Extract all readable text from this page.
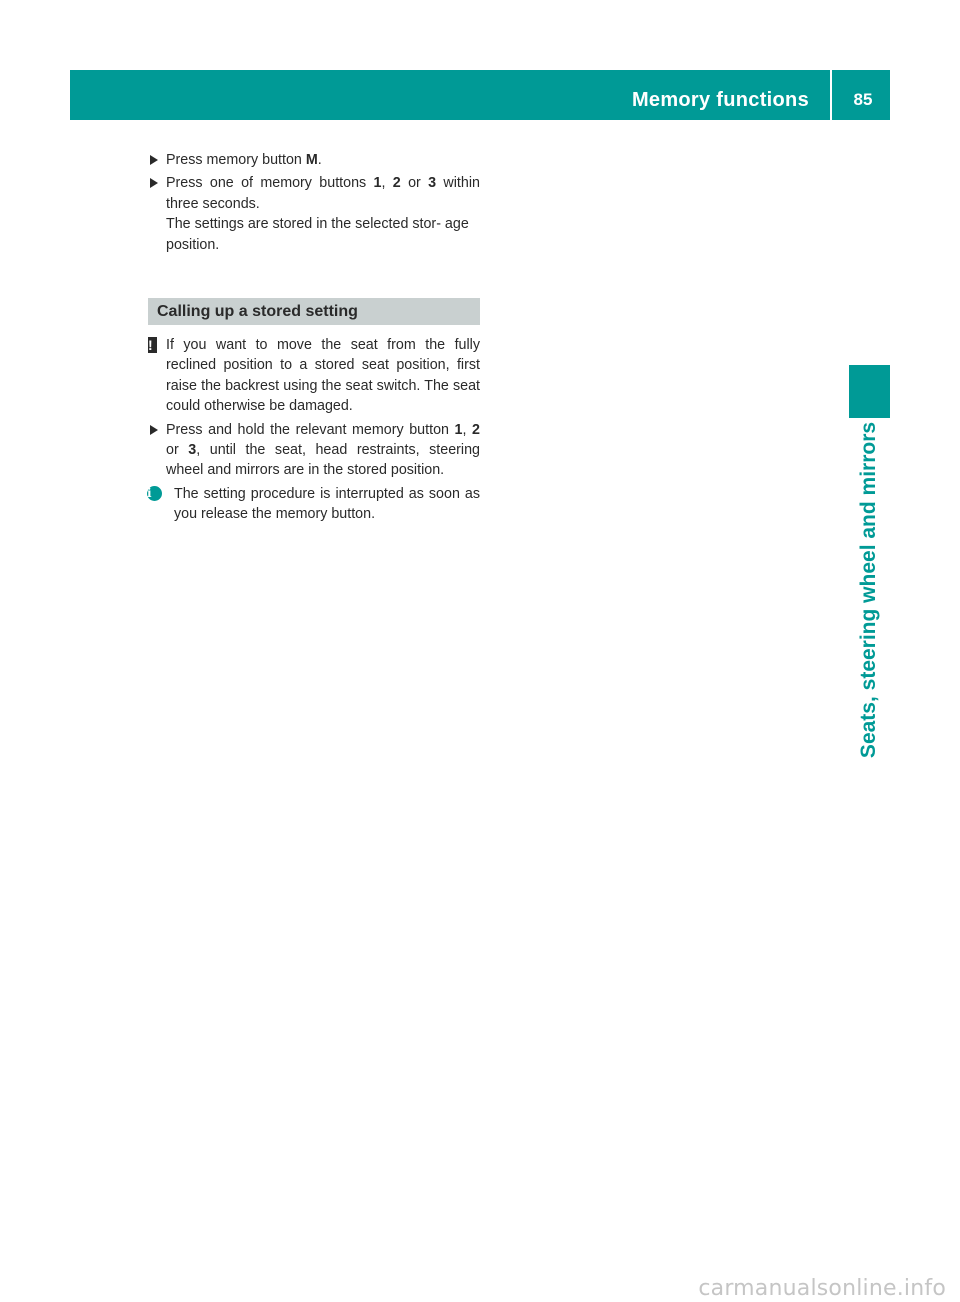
Memory functions	85
Seats, steering wheel and mirrors
Press memory button M.
Press one of memory buttons 1, 2 or 3 within three seconds.
The settings are stored in the selected stor- age position.
Calling up a stored setting
! If you want to move the seat from the fully reclined position to a stored seat position, first raise the backrest using the seat switch. The seat could otherwise be damaged.
Press and hold the relevant memory button 1, 2 or 3, until the seat, head restraints, steering wheel and mirrors are in the stored position.
i	The setting procedure is interrupted as soon as you release the memory button.
carmanualsonline.info
